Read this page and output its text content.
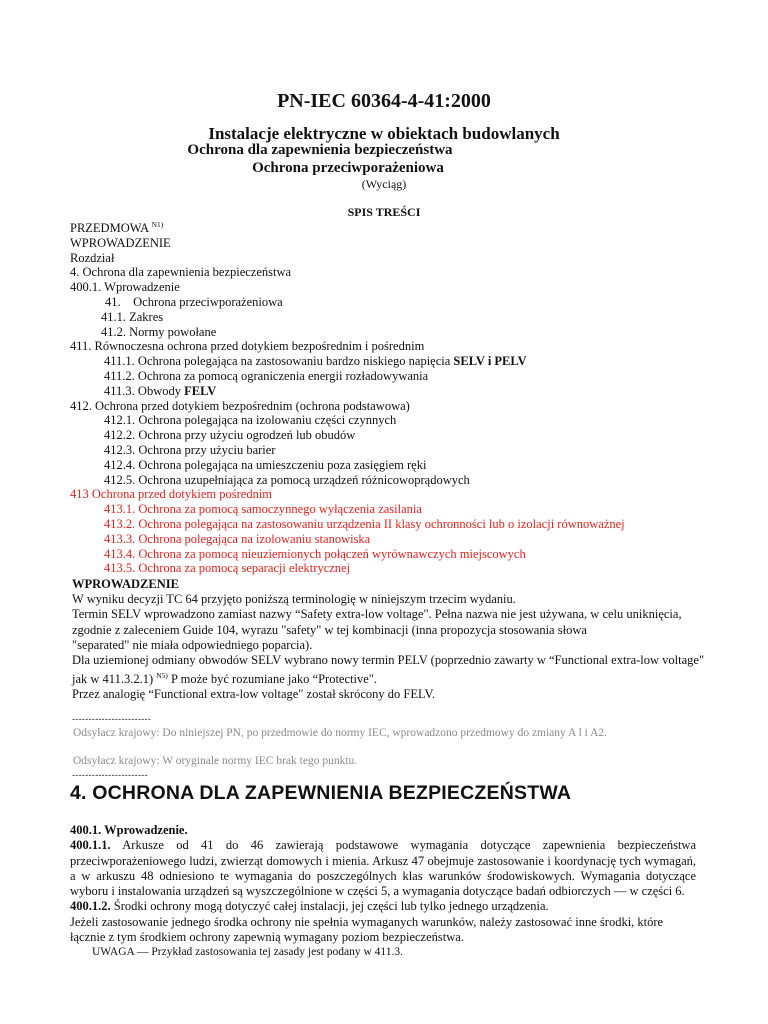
PN-IEC 60364-4-41:2000
Instalacje elektryczne w obiektach budowlanych
Ochrona dla zapewnienia bezpieczeństwa
Ochrona przeciwporażeniowa
(Wyciąg)
SPIS TREŚCI
PRZEDMOWA $^{N1)}$
WPROWADZENIE
Rozdział
4. Ochrona dla zapewnienia bezpieczeństwa
400.1. Wprowadzenie
41.    Ochrona przeciwporażeniowa
41.1. Zakres
41.2. Normy powołane
411. Równoczesna ochrona przed dotykiem bezpośrednim i pośrednim
411.1. Ochrona polegająca na zastosowaniu bardzo niskiego napięcia SELV i PELV
411.2. Ochrona za pomocą ograniczenia energii rozładowywania
411.3. Obwody FELV
412. Ochrona przed dotykiem bezpośrednim (ochrona podstawowa)
412.1. Ochrona polegająca na izolowaniu części czynnych
412.2. Ochrona przy użyciu ogrodzeń lub obudów
412.3. Ochrona przy użyciu barier
412.4. Ochrona polegająca na umieszczeniu poza zasięgiem ręki
412.5. Ochrona uzupełniająca za pomocą urządzeń różnicowoprądowych
413 Ochrona przed dotykiem pośrednim
413.1. Ochrona za pomocą samoczynnego wyłączenia zasilania
413.2. Ochrona polegająca na zastosowaniu urządzenia II klasy ochronności lub o izolacji równoważnej
413.3. Ochrona polegająca na izolowaniu stanowiska
413.4. Ochrona za pomocą nieuziemionych połączeń wyrównawczych miejscowych
413.5. Ochrona za pomocą separacji elektrycznej
WPROWADZENIE
W wyniku decyzji TC 64 przyjęto poniższą terminologię w niniejszym trzecim wydaniu.
Termin SELV wprowadzono zamiast nazwy “Safety extra-low voltage". Pełna nazwa nie jest używana, w celu uniknięcia, zgodnie z zaleceniem Guide 104, wyrazu "safety" w tej kombinacji (inna propozycja stosowania słowa
"separated" nie miała odpowiedniego poparcia).
Dla uziemionej odmiany obwodów SELV wybrano nowy termin PELV (poprzednio zawarty w “Functional extra-low voltage" jak w 411.3.2.1) $^{N5)}$ P może być rozumiane jako “Protective".
Przez analogię “Functional extra-low voltage" został skrócony do FELV.
------------------------
Odsyłacz krajowy: Do niniejszej PN, po przedmowie do normy IEC, wprowadzono przedmowy do zmiany A l i A2.
Odsyłacz krajowy: W oryginale normy IEC brak tego punktu.
-----------------------
4. OCHRONA DLA ZAPEWNIENIA BEZPIECZEŃSTWA

400.1. Wprowadzenie.

400.1.1. Arkusze od 41 do 46 zawierają podstawowe wymagania dotyczące zapewnienia bezpieczeństwa przeciwporażeniowego ludzi, zwierząt domowych i mienia. Arkusz 47 obejmuje zastosowanie i koordynację tych wymagań, a w arkuszu 48 odniesiono te wymagania do poszczególnych klas warunków środowiskowych. Wymagania dotyczące wyboru i instalowania urządzeń są wyszczególnione w części 5, a wymagania dotyczące badań odbiorczych — w części 6.

400.1.2. Środki ochrony mogą dotyczyć całej instalacji, jej części lub tylko jednego urządzenia.

Jeżeli zastosowanie jednego środka ochrony nie spełnia wymaganych warunków, należy zastosować inne środki, które łącznie z tym środkiem ochrony zapewnią wymagany poziom bezpieczeństwa.

UWAGA — Przykład zastosowania tej zasady jest podany w 411.3.
